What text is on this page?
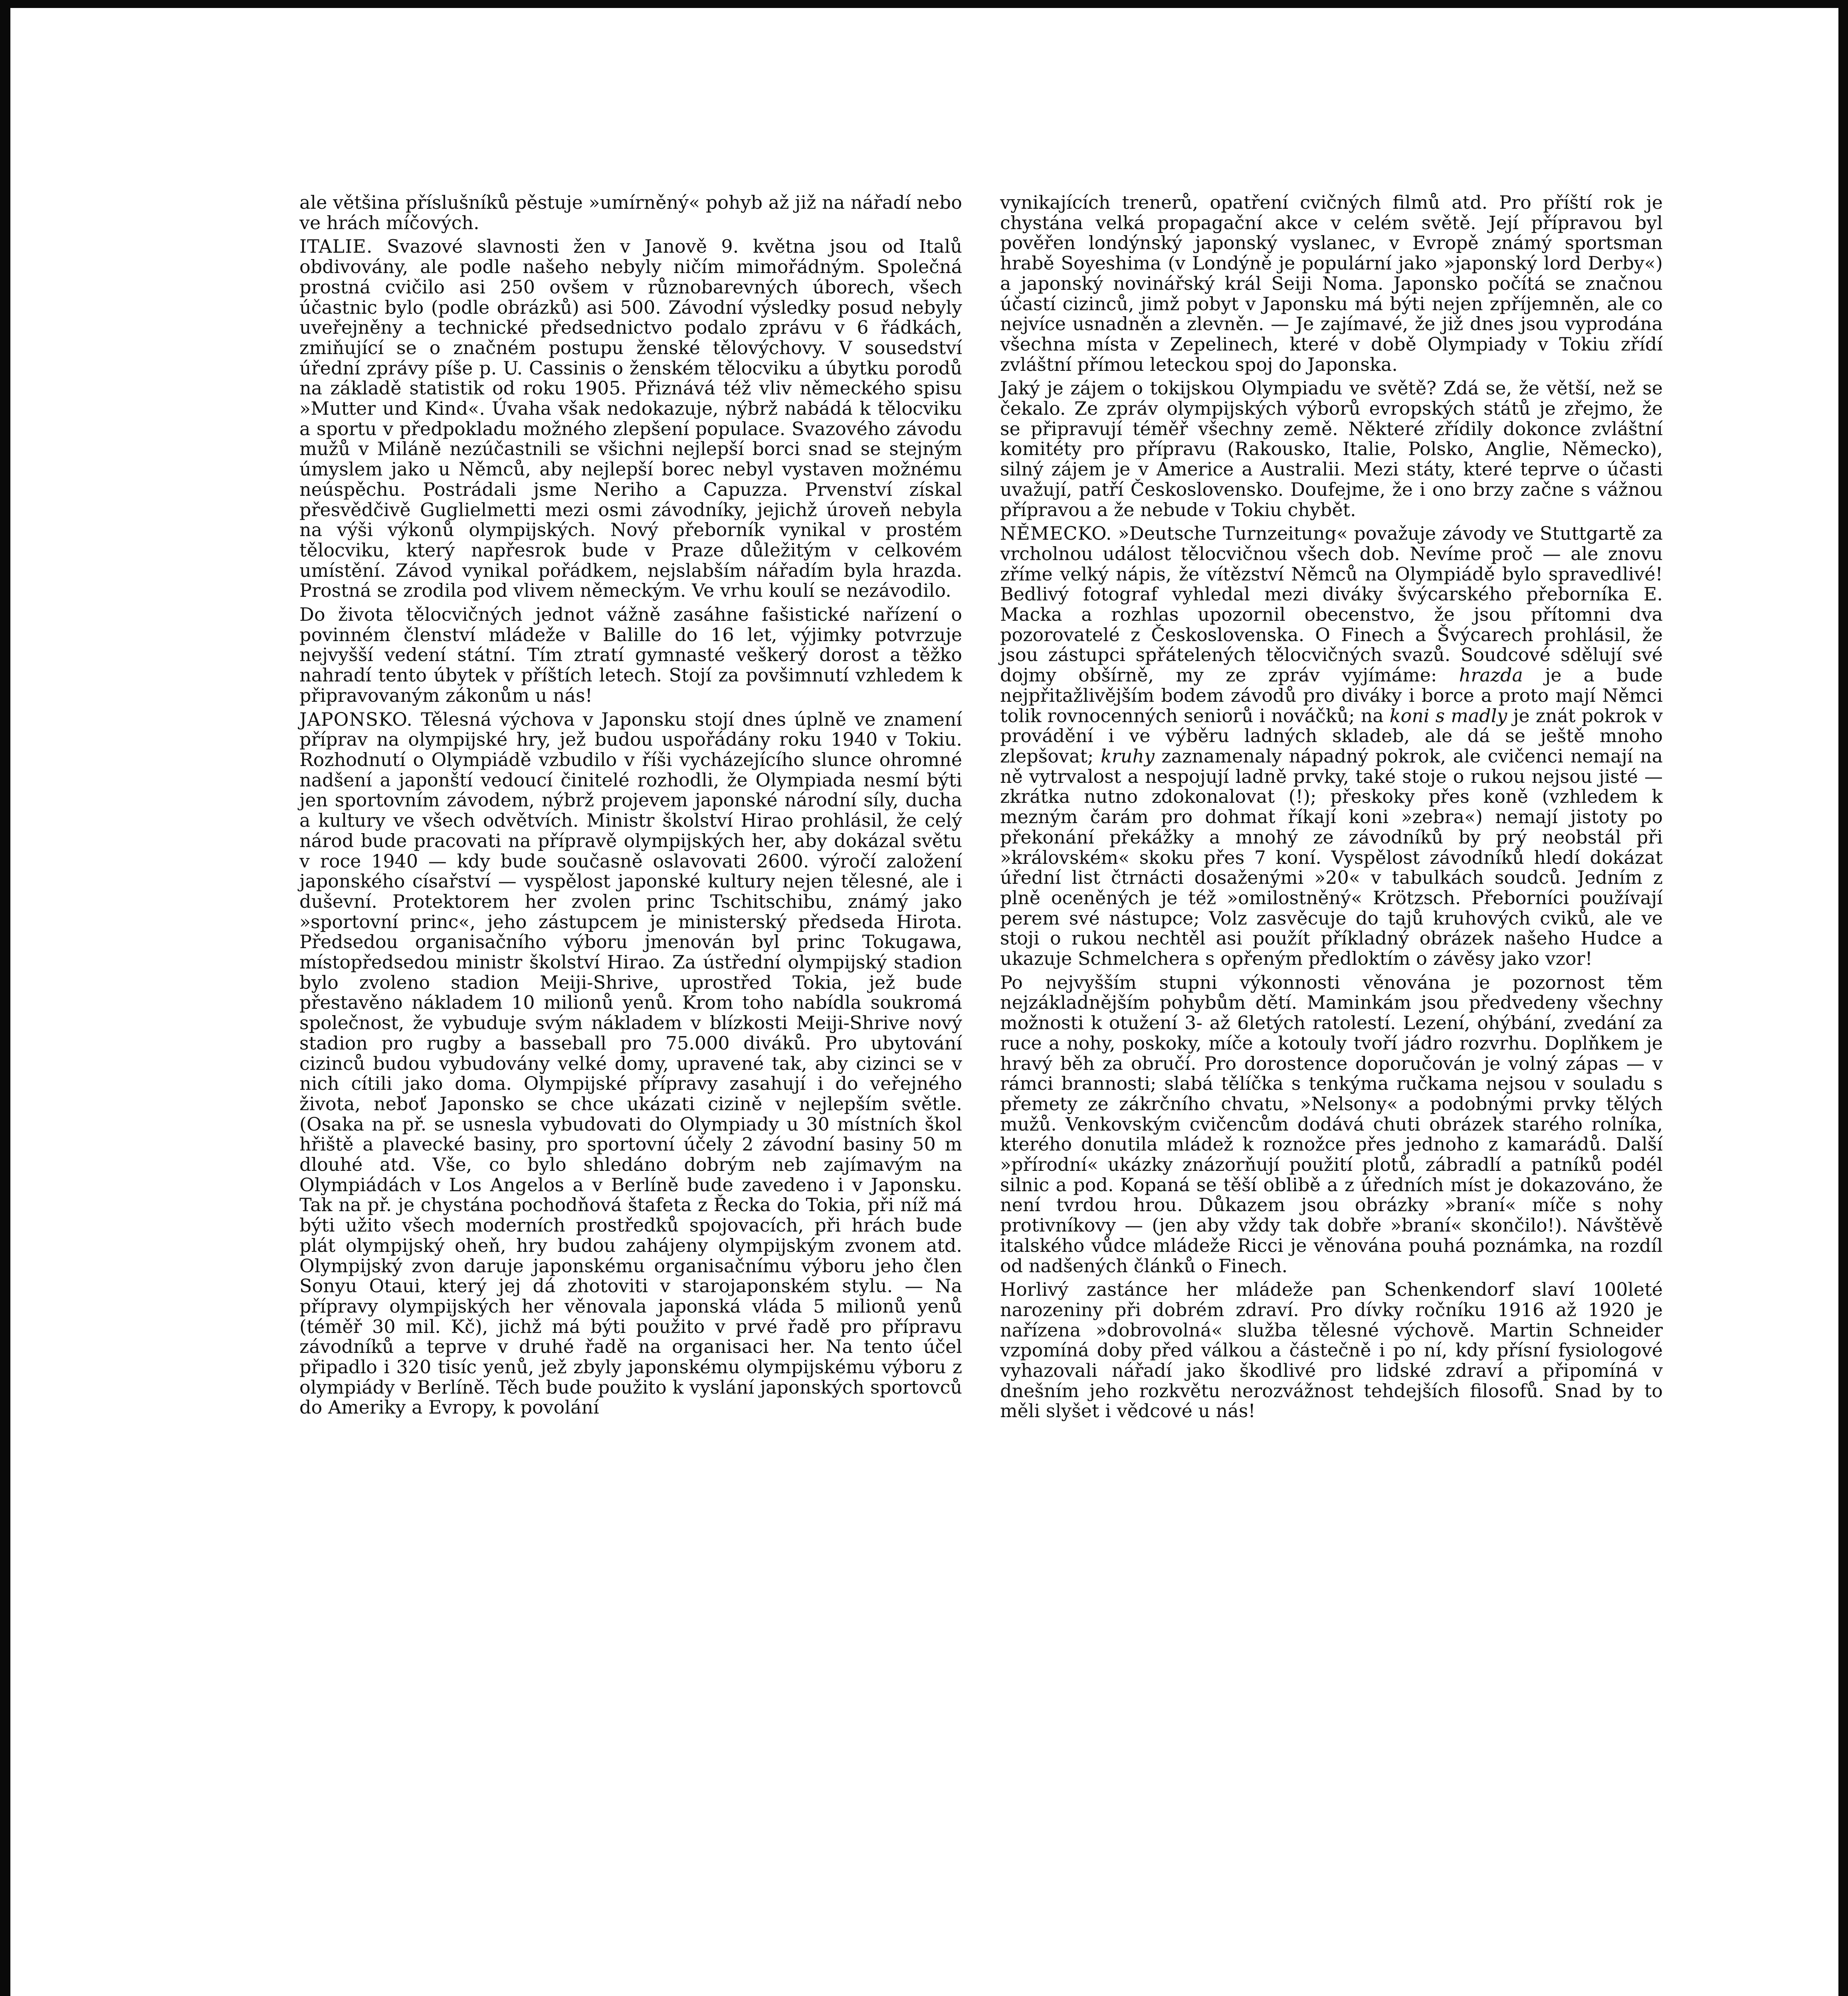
ale většina příslušníků pěstuje »umírněný« pohyb až již na nářadí nebo ve hrách míčových.

ITALIE. Svazové slavnosti žen v Janově 9. května jsou od Italů obdivovány, ale podle našeho nebyly ničím mimořádným. Společná prostná cvičilo asi 250 ovšem v různobarevných úborech, všech účastnic bylo (podle obrázků) asi 500. Závodní výsledky posud nebyly uveřejněny a technické předsednictvo podalo zprávu v 6 řádkách, zmiňující se o značném postupu ženské tělovýchovy. V sousedství úřední zprávy píše p. U. Cassinis o ženském tělocviku a úbytku porodů na základě statistik od roku 1905. Přiznává též vliv německého spisu »Mutter und Kind«. Úvaha však nedokazuje, nýbrž nabádá k tělocviku a sportu v předpokladu možného zlepšení populace. Svazového závodu mužů v Miláně nezúčastnili se všichni nejlepší borci snad se stejným úmyslem jako u Němců, aby nejlepší borec nebyl vystaven možnému neúspěchu. Postrádali jsme Neriho a Capuzza. Prvenství získal přesvědčivě Guglielmetti mezi osmi závodníky, jejichž úroveň nebyla na výši výkonů olympijských. Nový přeborník vynikal v prostém tělocviku, který napřesrok bude v Praze důležitým v celkovém umístění. Závod vynikal pořádkem, nejslabším nářadím byla hrazda. Prostná se zrodila pod vlivem německým. Ve vrhu koulí se nezávodilo.

Do života tělocvičných jednot vážně zasáhne fašistické nařízení o povinném členství mládeže v Balille do 16 let, výjimky potvrzuje nejvyšší vedení státní. Tím ztratí gymnasté veškerý dorost a těžko nahradí tento úbytek v příštích letech. Stojí za povšimnutí vzhledem k připravovaným zákonům u nás!

JAPONSKO. Tělesná výchova v Japonsku stojí dnes úplně ve znamení příprav na olympijské hry, jež budou uspořádány roku 1940 v Tokiu. Rozhodnutí o Olympiádě vzbudilo v říši vycházejícího slunce ohromné nadšení a japonští vedoucí činitelé rozhodli, že Olympiada nesmí býti jen sportovním závodem, nýbrž projevem japonské národní síly, ducha a kultury ve všech odvětvích. Ministr školství Hirao prohlásil, že celý národ bude pracovati na přípravě olympijských her, aby dokázal světu v roce 1940 — kdy bude současně oslavovati 2600. výročí založení japonského císařství — vyspělost japonské kultury nejen tělesné, ale i duševní. Protektorem her zvolen princ Tschitschibu, známý jako »sportovní princ«, jeho zástupcem je ministerský předseda Hirota. Předsedou organisačního výboru jmenován byl princ Tokugawa, místopředsedou ministr školství Hirao. Za ústřední olympijský stadion bylo zvoleno stadion Meiji-Shrive, uprostřed Tokia, jež bude přestavěno nákladem 10 milionů yenů. Krom toho nabídla soukromá společnost, že vybuduje svým nákladem v blízkosti Meiji-Shrive nový stadion pro rugby a basseball pro 75.000 diváků. Pro ubytování cizinců budou vybudovány velké domy, upravené tak, aby cizinci se v nich cítili jako doma. Olympijské přípravy zasahují i do veřejného života, neboť Japonsko se chce ukázati cizině v nejlepším světle. (Osaka na př. se usnesla vybudovati do Olympiady u 30 místních škol hřiště a plavecké basiny, pro sportovní účely 2 závodní basiny 50 m dlouhé atd. Vše, co bylo shledáno dobrým neb zajímavým na Olympiádách v Los Angelos a v Berlíně bude zavedeno i v Japonsku. Tak na př. je chystána pochodňová štafeta z Řecka do Tokia, při níž má býti užito všech moderních prostředků spojovacích, při hrách bude plát olympijský oheň, hry budou zahájeny olympijským zvonem atd. Olympijský zvon daruje japonskému organisačnímu výboru jeho člen Sonyu Otaui, který jej dá zhotoviti v starojaponském stylu. — Na přípravy olympijských her věnovala japonská vláda 5 milionů yenů (téměř 30 mil. Kč), jichž má býti použito v prvé řadě pro přípravu závodníků a teprve v druhé řadě na organisaci her. Na tento účel připadlo i 320 tisíc yenů, jež zbyly japonskému olympijskému výboru z olympiády v Berlíně. Těch bude použito k vyslání japonských sportovců do Ameriky a Evropy, k povolání

vynikajících trenerů, opatření cvičných filmů atd. Pro příští rok je chystána velká propagační akce v celém světě. Její přípravou byl pověřen londýnský japonský vyslanec, v Evropě známý sportsman hrabě Soyeshima (v Londýně je populární jako »japonský lord Derby«) a japonský novinářský král Seiji Noma. Japonsko počítá se značnou účastí cizinců, jimž pobyt v Japonsku má býti nejen zpříjemněn, ale co nejvíce usnadněn a zlevněn. — Je zajímavé, že již dnes jsou vyprodána všechna místa v Zepelinech, které v době Olympiady v Tokiu zřídí zvláštní přímou leteckou spoj do Japonska.

Jaký je zájem o tokijskou Olympiadu ve světě? Zdá se, že větší, než se čekalo. Ze zpráv olympijských výborů evropských států je zřejmo, že se připravují téměř všechny země. Některé zřídily dokonce zvláštní komitéty pro přípravu (Rakousko, Italie, Polsko, Anglie, Německo), silný zájem je v Americe a Australii. Mezi státy, které teprve o účasti uvažují, patří Československo. Doufejme, že i ono brzy začne s vážnou přípravou a že nebude v Tokiu chybět.

NĚMECKO. »Deutsche Turnzeitung« považuje závody ve Stuttgartě za vrcholnou událost tělocvičnou všech dob. Nevíme proč — ale znovu zříme velký nápis, že vítězství Němců na Olympiádě bylo spravedlivé! Bedlivý fotograf vyhledal mezi diváky švýcarského přeborníka E. Macka a rozhlas upozornil obecenstvo, že jsou přítomni dva pozorovatelé z Československa. O Finech a Švýcarech prohlásil, že jsou zástupci spřátelených tělocvičných svazů. Soudcové sdělují své dojmy obšírně, my ze zpráv vyjímáme: hrazda je a bude nejpřitažlivějším bodem závodů pro diváky i borce a proto mají Němci tolik rovnocenných seniorů i nováčků; na koni s madly je znát pokrok v provádění i ve výběru ladných skladeb, ale dá se ještě mnoho zlepšovat; kruhy zaznamenaly nápadný pokrok, ale cvičenci nemají na ně vytrvalost a nespojují ladně prvky, také stoje o rukou nejsou jisté — zkrátka nutno zdokonalovat (!); přeskoky přes koně (vzhledem k mezným čarám pro dohmat říkají koni »zebra«) nemají jistoty po překonání překážky a mnohý ze závodníků by prý neobstál při »královském« skoku přes 7 koní. Vyspělost závodníků hledí dokázat úřední list čtrnácti dosaženými »20« v tabulkách soudců. Jedním z plně oceněných je též »omilostněný« Krötzsch. Přeborníci používají perem své nástupce; Volz zasvěcuje do tajů kruhových cviků, ale ve stoji o rukou nechtěl asi použít příkladný obrázek našeho Hudce a ukazuje Schmelchera s opřeným předloktím o závěsy jako vzor!

Po nejvyšším stupni výkonnosti věnována je pozornost těm nejzákladnějším pohybům dětí. Maminkám jsou předvedeny všechny možnosti k otužení 3- až 6letých ratolestí. Lezení, ohýbání, zvedání za ruce a nohy, poskoky, míče a kotouly tvoří jádro rozvrhu. Doplňkem je hravý běh za obručí. Pro dorostence doporučován je volný zápas — v rámci brannosti; slabá tělíčka s tenkýma ručkama nejsou v souladu s přemety ze zákrčního chvatu, »Nelsony« a podobnými prvky tělých mužů. Venkovským cvičencům dodává chuti obrázek starého rolníka, kterého donutila mládež k roznožce přes jednoho z kamarádů. Další »přírodní« ukázky znázorňují použití plotů, zábradlí a patníků podél silnic a pod. Kopaná se těší oblibě a z úředních míst je dokazováno, že není tvrdou hrou. Důkazem jsou obrázky »braní« míče s nohy protivníkovy — (jen aby vždy tak dobře »braní« skončilo!). Návštěvě italského vůdce mládeže Ricci je věnována pouhá poznámka, na rozdíl od nadšených článků o Finech.

Horlivý zastánce her mládeže pan Schenkendorf slaví 100leté narozeniny při dobrém zdraví. Pro dívky ročníku 1916 až 1920 je nařízena »dobrovolná« služba tělesné výchově. Martin Schneider vzpomíná doby před válkou a částečně i po ní, kdy přísní fysiologové vyhazovali nářadí jako škodlivé pro lidské zdraví a připomíná v dnešním jeho rozkvětu nerozvážnost tehdejších filosofů. Snad by to měli slyšet i vědcové u nás!
